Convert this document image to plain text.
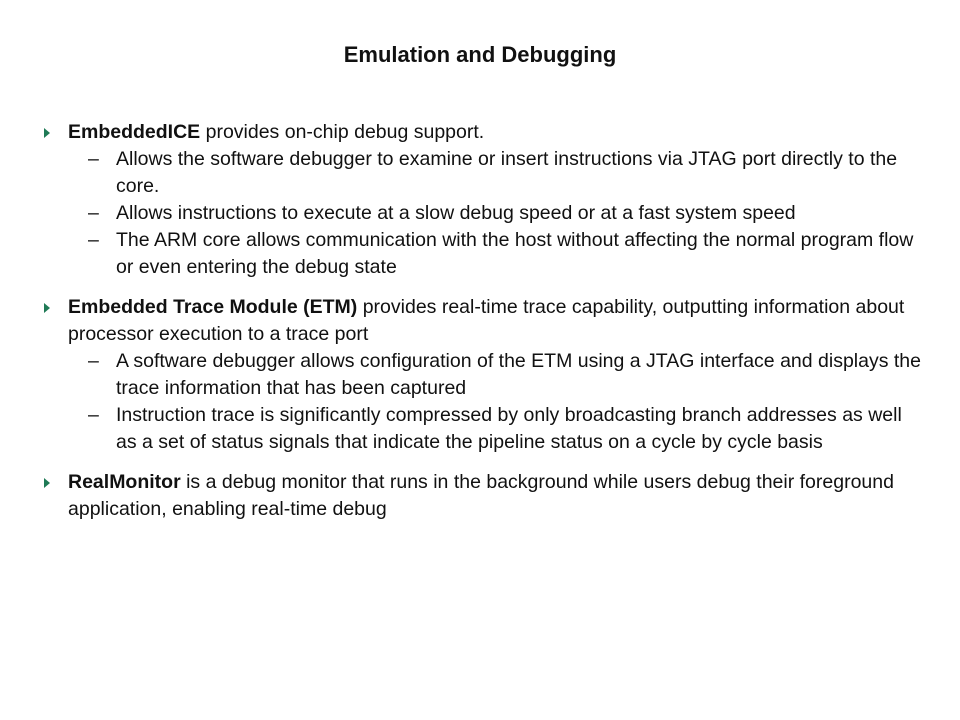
Emulation and Debugging
EmbeddedICE provides on-chip debug support.
– Allows the software debugger to examine or insert instructions via JTAG port directly to the core.
– Allows instructions to execute at a slow debug speed or at a fast system speed
– The ARM core allows communication with the host without affecting the normal program flow or even entering the debug state
Embedded Trace Module (ETM) provides real-time trace capability, outputting information about processor execution to a trace port
– A software debugger allows configuration of the ETM using a JTAG interface and displays the trace information that has been captured
– Instruction trace is significantly compressed by only broadcasting branch addresses as well as a set of status signals that indicate the pipeline status on a cycle by cycle basis
RealMonitor is a debug monitor that runs in the background while users debug their foreground application, enabling real-time debug
